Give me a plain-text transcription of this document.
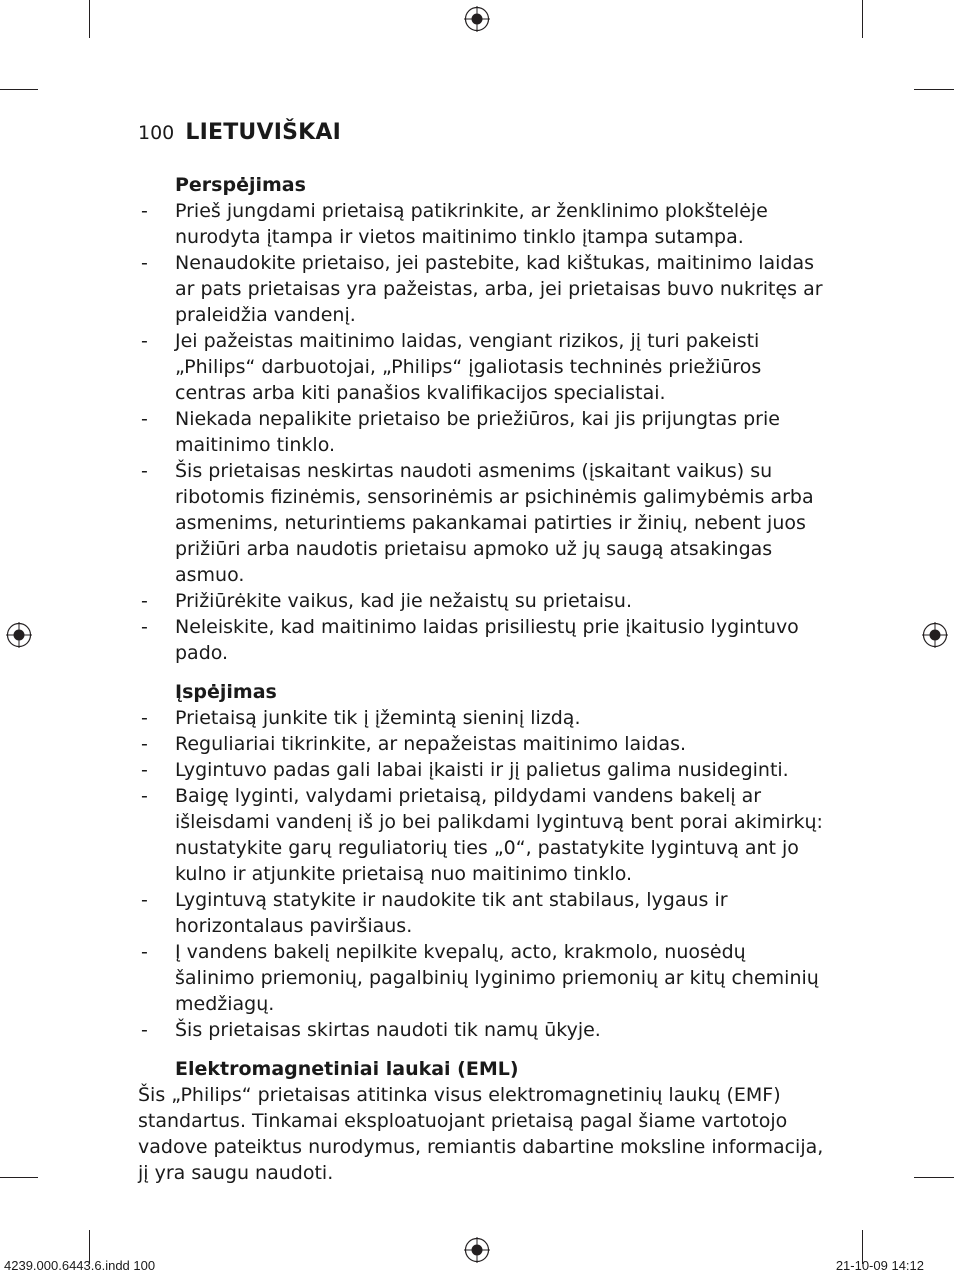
100 LIETUVIŠKAI
Perspėjimas
- Prieš jungdami prietaisą patikrinkite, ar ženklinimo plokštelėje nurodyta įtampa ir vietos maitinimo tinklo įtampa sutampa.
- Nenaudokite prietaiso, jei pastebite, kad kištukas, maitinimo laidas ar pats prietaisas yra pažeistas, arba, jei prietaisas buvo nukritęs ar praleidžia vandenį.
- Jei pažeistas maitinimo laidas, vengiant rizikos, jį turi pakeisti „Philips“ darbuotojai, „Philips“ įgaliotasis techninės priežiūros centras arba kiti panašios kvalifikacijos specialistai.
- Niekada nepalikite prietaiso be priežiūros, kai jis prijungtas prie maitinimo tinklo.
- Šis prietaisas neskirtas naudoti asmenims (įskaitant vaikus) su ribotomis fizinėmis, sensorinėmis ar psichinėmis galimybėmis arba asmenims, neturintiems pakankamai patirties ir žinių, nebent juos prižiūri arba naudotis prietaisu apmoko už jų saugą atsakingas asmuo.
- Prižiūrėkite vaikus, kad jie nežaistų su prietaisu.
- Neleiskite, kad maitinimo laidas prisiliestų prie įkaitusio lygintuvo pado.
Įspėjimas
- Prietaisą junkite tik į įžemintą sieninį lizdą.
- Reguliariai tikrinkite, ar nepažeistas maitinimo laidas.
- Lygintuvo padas gali labai įkaisti ir jį palietus galima nusideginti.
- Baigę lyginti, valydami prietaisą, pildydami vandens bakelį ar išleisdami vandenį iš jo bei palikdami lygintuvą bent porai akimirkų: nustatykite garų reguliatorių ties „0“, pastatykite lygintuvą ant jo kulno ir atjunkite prietaisą nuo maitinimo tinklo.
- Lygintuvą statykite ir naudokite tik ant stabilaus, lygaus ir horizontalaus paviršiaus.
- Į vandens bakelį nepilkite kvepalų, acto, krakmolo, nuosėdų šalinimo priemonių, pagalbinių lyginimo priemonių ar kitų cheminių medžiagų.
- Šis prietaisas skirtas naudoti tik namų ūkyje.
Elektromagnetiniai laukai (EML)
Šis „Philips“ prietaisas atitinka visus elektromagnetinių laukų (EMF) standartus. Tinkamai eksploatuojant prietaisą pagal šiame vartotojo vadove pateiktus nurodymus, remiantis dabartine moksline informacija, jį yra saugu naudoti.
4239.000.6443.6.indd 100	21-10-09 14:12
